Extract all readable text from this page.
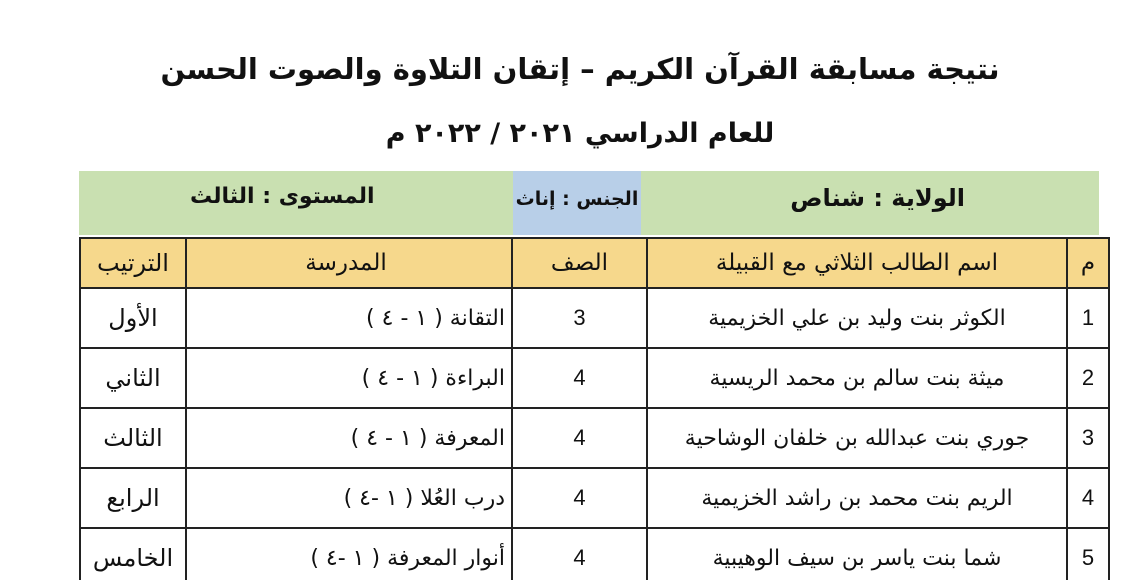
نتيجة مسابقة القرآن الكريم – إتقان التلاوة والصوت الحسن
للعام الدراسي ٢٠٢١ / ٢٠٢٢ م
الولاية : شناص
الجنس : إناث
المستوى : الثالث
م	اسم الطالب الثلاثي مع القبيلة	الصف	المدرسة	الترتيب
1	الكوثر بنت وليد بن علي الخزيمية	3	التقانة ( ١ - ٤ )	الأول
2	ميثة بنت سالم بن محمد الريسية	4	البراءة ( ١ - ٤ )	الثاني
3	جوري بنت عبدالله بن خلفان الوشاحية	4	المعرفة ( ١ - ٤ )	الثالث
4	الريم بنت محمد بن راشد الخزيمية	4	درب العُلا ( ١ -٤ )	الرابع
5	شما بنت ياسر بن سيف الوهيبية	4	أنوار المعرفة ( ١ -٤ )	الخامس
